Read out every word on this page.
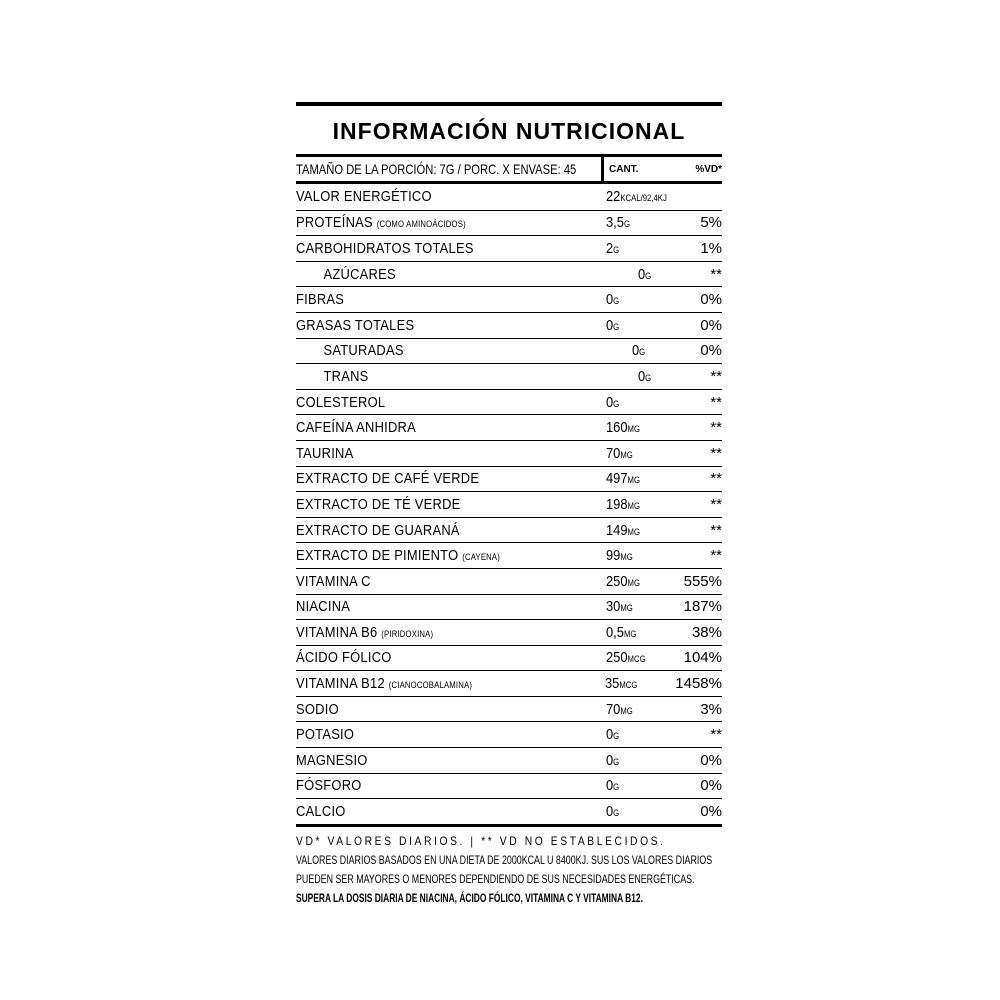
INFORMACIÓN NUTRICIONAL
TAMAÑO DE LA PORCIÓN: 7G / PORC. X ENVASE: 45	CANT.	%VD*
VALOR ENERGÉTICO	22KCAL/92,4KJ
PROTEÍNAS (COMO AMINOÁCIDOS)	3,5G	5%
CARBOHIDRATOS TOTALES	2G	1%
AZÚCARES	0G	**
FIBRAS	0G	0%
GRASAS TOTALES	0G	0%
SATURADAS	0G	0%
TRANS	0G	**
COLESTEROL	0G	**
CAFEÍNA ANHIDRA	160MG	**
TAURINA	70MG	**
EXTRACTO DE CAFÉ VERDE	497MG	**
EXTRACTO DE TÉ VERDE	198MG	**
EXTRACTO DE GUARANÁ	149MG	**
EXTRACTO DE PIMIENTO (CAYENA)	99MG	**
VITAMINA C	250MG	555%
NIACINA	30MG	187%
VITAMINA B6 (PIRIDOXINA)	0,5MG	38%
ÁCIDO FÓLICO	250MCG	104%
VITAMINA B12 (CIANOCOBALAMINA)	35MCG	1458%
SODIO	70MG	3%
POTASIO	0G	**
MAGNESIO	0G	0%
FÓSFORO	0G	0%
CALCIO	0G	0%
VD* VALORES DIARIOS. | ** VD NO ESTABLECIDOS.
VALORES DIARIOS BASADOS EN UNA DIETA DE 2000KCAL U 8400KJ. SUS LOS VALORES DIARIOS
PUEDEN SER MAYORES O MENORES DEPENDIENDO DE SUS NECESIDADES ENERGÉTICAS.
SUPERA LA DOSIS DIARIA DE NIACINA, ÁCIDO FÓLICO, VITAMINA C Y VITAMINA B12.
